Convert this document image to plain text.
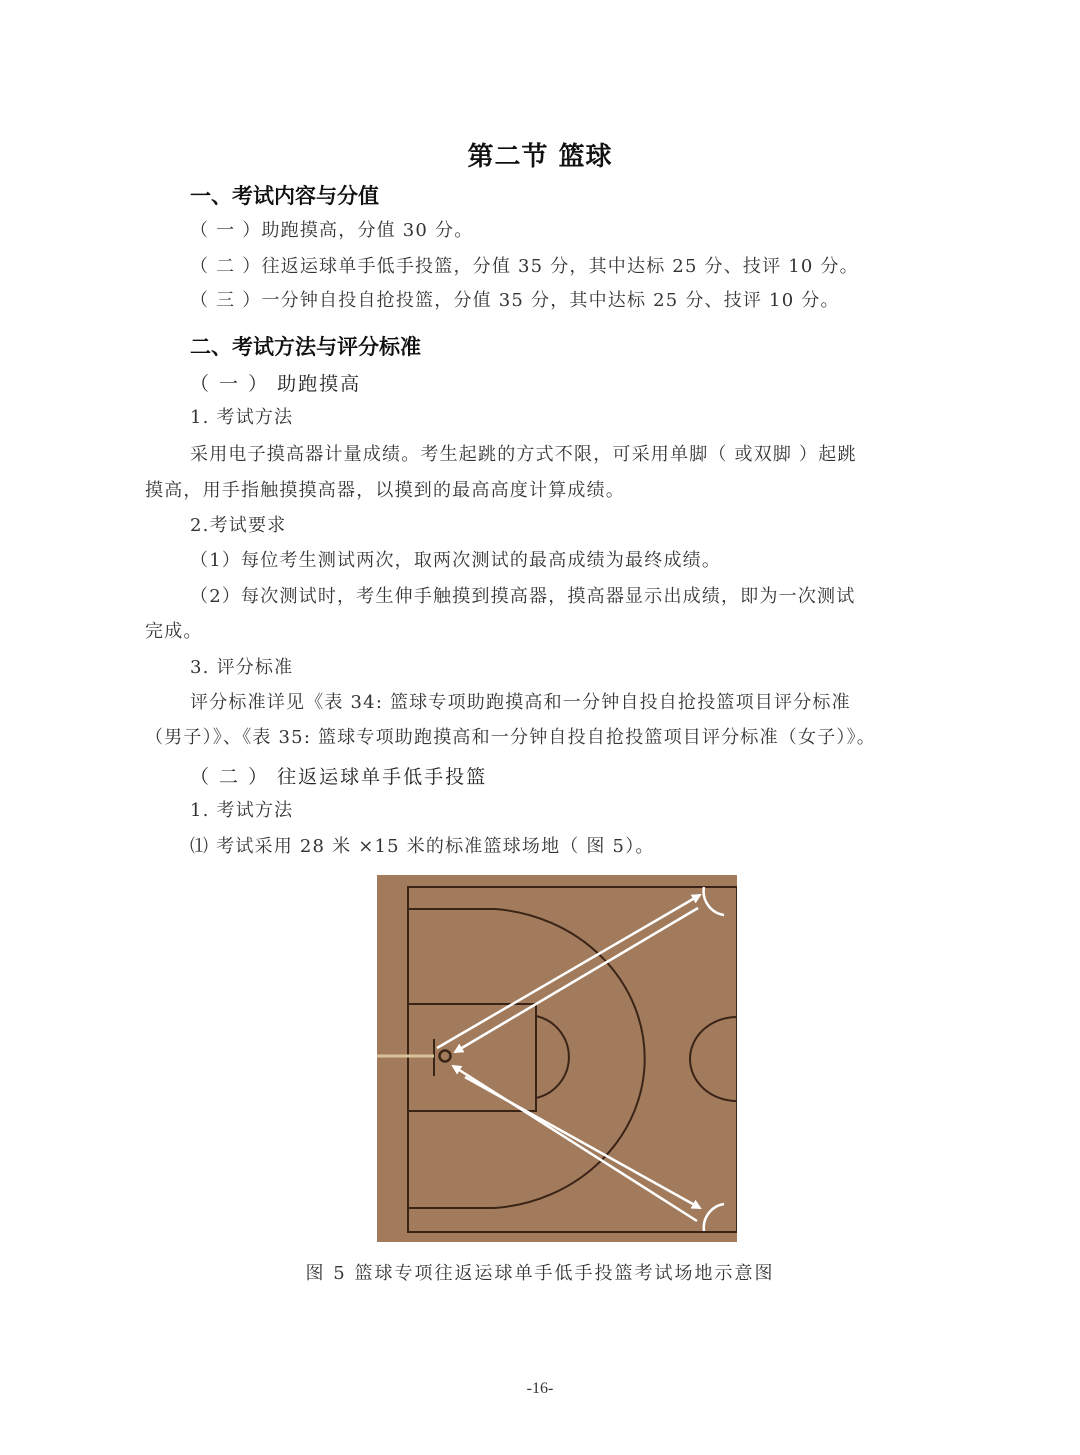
第二节 篮球
一、考试内容与分值
（ 一 ）助跑摸高，分值 30 分。
（ 二 ）往返运球单手低手投篮，分值 35 分，其中达标 25 分、技评 10 分。
（ 三 ）一分钟自投自抢投篮，分值 35 分，其中达标 25 分、技评 10 分。
二、考试方法与评分标准
（ 一 ） 助跑摸高
1. 考试方法
采用电子摸高器计量成绩。考生起跳的方式不限，可采用单脚（ 或双脚 ）起跳
摸高，用手指触摸摸高器，以摸到的最高高度计算成绩。
2.考试要求
（1）每位考生测试两次，取两次测试的最高成绩为最终成绩。
（2）每次测试时，考生伸手触摸到摸高器，摸高器显示出成绩，即为一次测试
完成。
3. 评分标准
评分标准详见《表 34: 篮球专项助跑摸高和一分钟自投自抢投篮项目评分标准
（男子）》、《表 35: 篮球专项助跑摸高和一分钟自投自抢投篮项目评分标准（女子）》。
（ 二 ） 往返运球单手低手投篮
1. 考试方法
⑴ 考试采用 28 米 ×15 米的标准篮球场地（ 图 5）。
图 5 篮球专项往返运球单手低手投篮考试场地示意图
-16-
